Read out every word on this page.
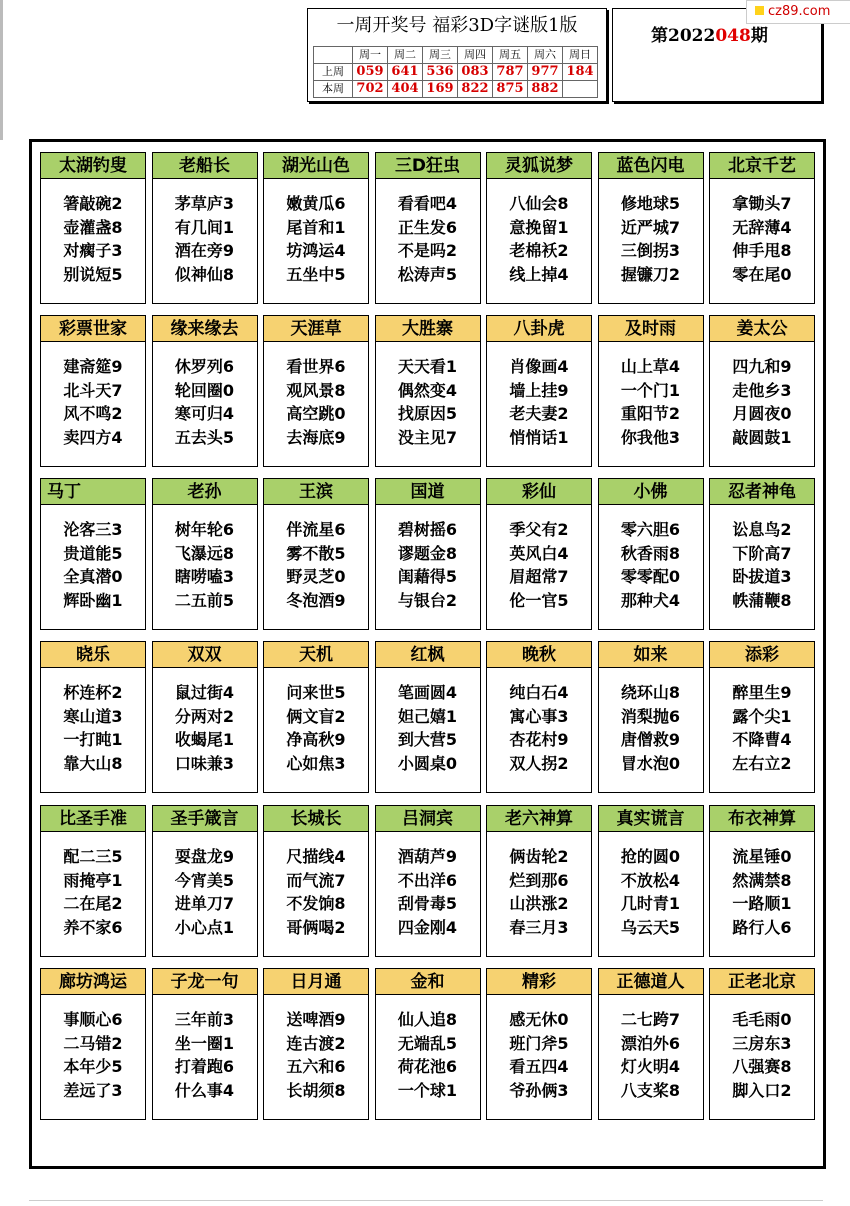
一周开奖号 福彩3D字谜版1版
	周一	周二	周三	周四	周五	周六	周日
上周	059	641	536	083	787	977	184
本周	702	404	169	822	875	882	
第2022048期
cz89.com
太湖钓叟
箸敲碗2
壶灌盏8
对瘸子3
别说短5
老船长
茅草庐3
有几间1
酒在旁9
似神仙8
湖光山色
嫩黄瓜6
尾首和1
坊鸿运4
五坐中5
三D狂虫
看看吧4
正生发6
不是吗2
松涛声5
灵狐说梦
八仙会8
意挽留1
老棉袄2
线上掉4
蓝色闪电
修地球5
近严城7
三倒拐3
握镰刀2
北京千艺
拿锄头7
无辞薄4
伸手甩8
零在尾0
彩票世家
建斋筵9
北斗天7
风不鸣2
卖四方4
缘来缘去
休罗列6
轮回圈0
寒可归4
五去头5
天涯草
看世界6
观风景8
高空跳0
去海底9
大胜寨
天天看1
偶然变4
找原因5
没主见7
八卦虎
肖像画4
墙上挂9
老夫妻2
悄悄话1
及时雨
山上草4
一个门1
重阳节2
你我他3
姜太公
四九和9
走他乡3
月圆夜0
敲圆鼓1
马丁
沦客三3
贵道能5
全真潜0
辉卧幽1
老孙
树年轮6
飞瀑远8
瞎唠嗑3
二五前5
王滨
伴流星6
雾不散5
野灵芝0
冬泡酒9
国道
碧树摇6
谬题金8
闺藉得5
与银台2
彩仙
季父有2
英风白4
眉超常7
伦一官5
小佛
零六胆6
秋香雨8
零零配0
那种犬4
忍者神龟
讼息鸟2
下阶高7
卧拔道3
帙蒲鞭8
晓乐
杯连杯2
寒山道3
一打盹1
靠大山8
双双
鼠过街4
分两对2
收蝎尾1
口味兼3
天机
问来世5
俩文盲2
净高秋9
心如焦3
红枫
笔画圆4
妲己嬉1
到大营5
小圆桌0
晚秋
纯白石4
寓心事3
杏花村9
双人拐2
如来
绕环山8
消梨抛6
唐僧救9
冒水泡0
添彩
醉里生9
露个尖1
不降曹4
左右立2
比圣手准
配二三5
雨掩亭1
二在尾2
养不家6
圣手箴言
耍盘龙9
今宵美5
进单刀7
小心点1
长城长
尺描线4
而气流7
不发饷8
哥俩喝2
吕洞宾
酒葫芦9
不出洋6
刮骨毒5
四金刚4
老六神算
俩齿轮2
烂到那6
山洪涨2
春三月3
真实谎言
抢的圆0
不放松4
几时青1
乌云天5
布衣神算
流星锤0
然满禁8
一路顺1
路行人6
廊坊鸿运
事顺心6
二马错2
本年少5
差远了3
子龙一句
三年前3
坐一圈1
打着跑6
什么事4
日月通
送啤酒9
连古渡2
五六和6
长胡须8
金和
仙人追8
无端乱5
荷花池6
一个球1
精彩
感无休0
班门斧5
看五四4
爷孙俩3
正德道人
二七跨7
漂泊外6
灯火明4
八支桨8
正老北京
毛毛雨0
三房东3
八强赛8
脚入口2
